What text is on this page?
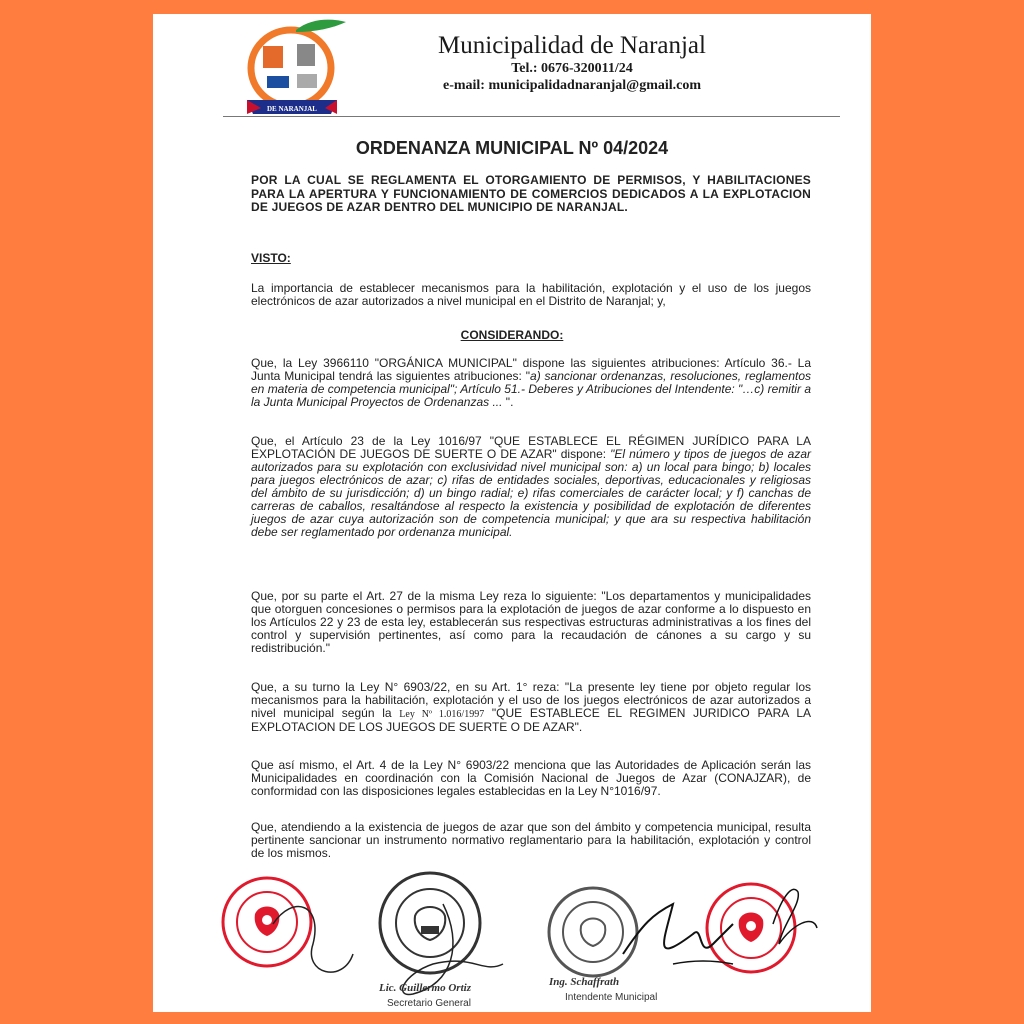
DE NARANJAL
Municipalidad de Naranjal
Tel.: 0676-320011/24
e-mail: municipalidadnaranjal@gmail.com
ORDENANZA MUNICIPAL Nº 04/2024
POR LA CUAL SE REGLAMENTA EL OTORGAMIENTO DE PERMISOS, Y HABILITACIONES PARA LA APERTURA Y FUNCIONAMIENTO DE COMERCIOS DEDICADOS A LA EXPLOTACION DE JUEGOS DE AZAR DENTRO DEL MUNICIPIO DE NARANJAL.
VISTO:
La importancia de establecer mecanismos para la habilitación, explotación y el uso de los juegos electrónicos de azar autorizados a nivel municipal en el Distrito de Naranjal; y,
CONSIDERANDO:
Que, la Ley 3966110 "ORGÁNICA MUNICIPAL" dispone las siguientes atribuciones: Artículo 36.- La Junta Municipal tendrá las siguientes atribuciones: "a) sancionar ordenanzas, resoluciones, reglamentos en materia de competencia municipal"; Artículo 51.- Deberes y Atribuciones del Intendente: "…c) remitir a la Junta Municipal Proyectos de Ordenanzas ... ".
Que, el Artículo 23 de la Ley 1016/97 "QUE ESTABLECE EL RÉGIMEN JURÍDICO PARA LA EXPLOTACIÓN DE JUEGOS DE SUERTE O DE AZAR" dispone: "El número y tipos de juegos de azar autorizados para su explotación con exclusividad nivel municipal son: a) un local para bingo; b) locales para juegos electrónicos de azar; c) rifas de entidades sociales, deportivas, educacionales y religiosas del ámbito de su jurisdicción; d) un bingo radial; e) rifas comerciales de carácter local; y f) canchas de carreras de caballos, resaltándose al respecto la existencia y posibilidad de explotación de diferentes juegos de azar cuya autorización son de competencia municipal; y que ara su respectiva habilitación debe ser reglamentado por ordenanza municipal.
Que, por su parte el Art. 27 de la misma Ley reza lo siguiente: "Los departamentos y municipalidades que otorguen concesiones o permisos para la explotación de juegos de azar conforme a lo dispuesto en los Artículos 22 y 23 de esta ley, establecerán sus respectivas estructuras administrativas a los fines del control y supervisión pertinentes, así como para la recaudación de cánones a su cargo y su redistribución."
Que, a su turno la Ley N° 6903/22, en su Art. 1° reza: "La presente ley tiene por objeto regular los mecanismos para la habilitación, explotación y el uso de los juegos electrónicos de azar autorizados a nivel municipal según la Ley Nº 1.016/1997 "QUE ESTABLECE EL REGIMEN JURIDICO PARA LA EXPLOTACION DE LOS JUEGOS DE SUERTE O DE AZAR".
Que así mismo, el Art. 4 de la Ley N° 6903/22 menciona que las Autoridades de Aplicación serán las Municipalidades en coordinación con la Comisión Nacional de Juegos de Azar (CONAJZAR), de conformidad con las disposiciones legales establecidas en la Ley N°1016/97.
Que, atendiendo a la existencia de juegos de azar que son del ámbito y competencia municipal, resulta pertinente sancionar un instrumento normativo reglamentario para la habilitación, explotación y control de los mismos.
Lic. Guillermo Ortiz
Secretario General
Ing. Schaffrath
Intendente Municipal
